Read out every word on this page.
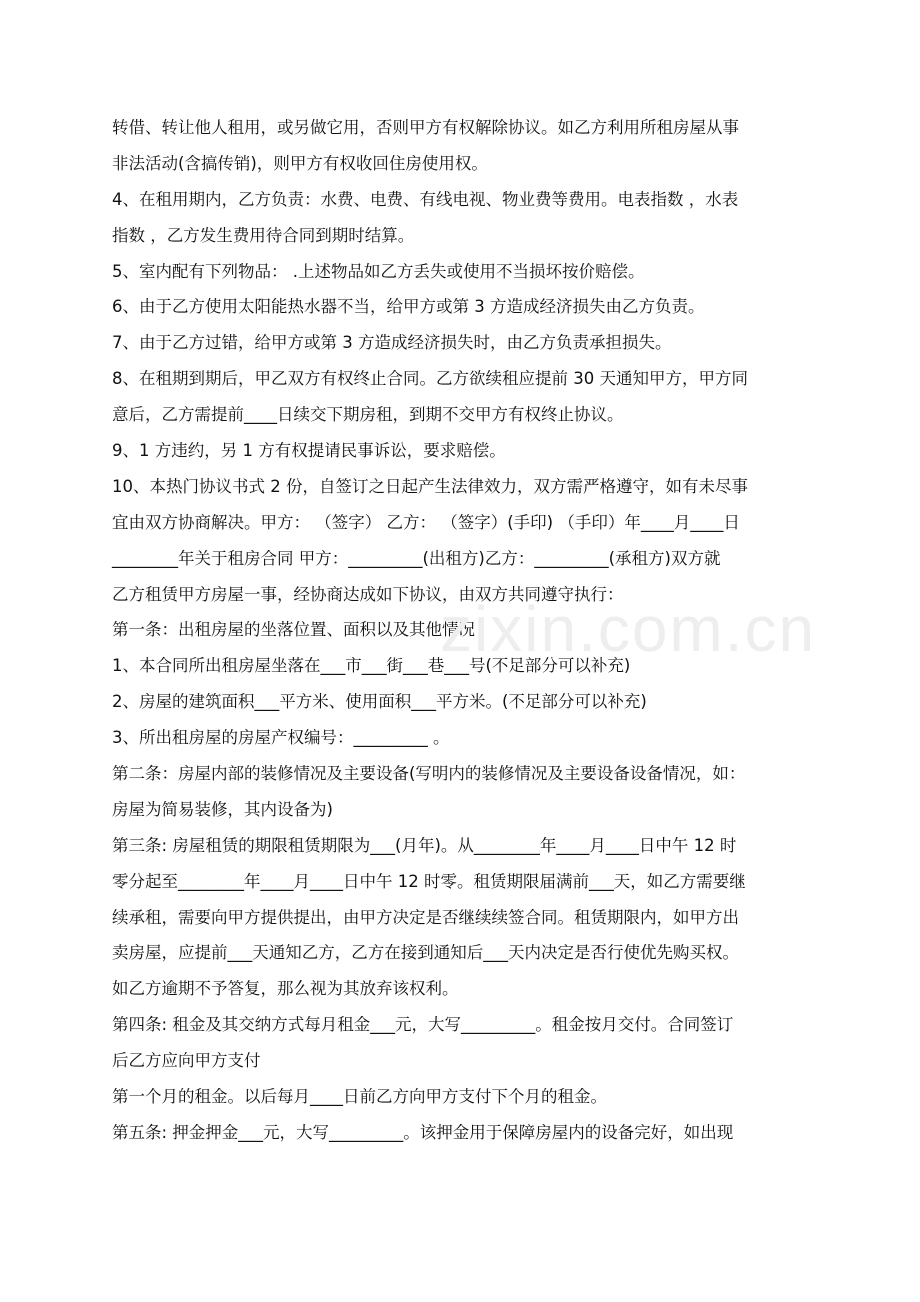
转借、转让他人租用，或另做它用，否则甲方有权解除协议。如乙方利用所租房屋从事
非法活动(含搞传销)，则甲方有权收回住房使用权。
4、在租用期内，乙方负责：水费、电费、有线电视、物业费等费用。电表指数 ，水表
指数 ，乙方发生费用待合同到期时结算。
5、室内配有下列物品： .上述物品如乙方丢失或使用不当损坏按价赔偿。
6、由于乙方使用太阳能热水器不当，给甲方或第 3 方造成经济损失由乙方负责。
7、由于乙方过错，给甲方或第 3 方造成经济损失时，由乙方负责承担损失。
8、在租期到期后，甲乙双方有权终止合同。乙方欲续租应提前 30 天通知甲方，甲方同
意后，乙方需提前____日续交下期房租，到期不交甲方有权终止协议。
9、1 方违约，另 1 方有权提请民事诉讼，要求赔偿。
10、本热门协议书式 2 份，自签订之日起产生法律效力，双方需严格遵守，如有未尽事
宜由双方协商解决。甲方： （签字） 乙方： （签字）(手印) （手印）年____月____日
________年关于租房合同 甲方：_________(出租方)乙方：_________(承租方)双方就
乙方租赁甲方房屋一事，经协商达成如下协议，由双方共同遵守执行：
第一条：出租房屋的坐落位置、面积以及其他情况
1、本合同所出租房屋坐落在___市___街___巷___号(不足部分可以补充)
2、房屋的建筑面积___平方米、使用面积___平方米。(不足部分可以补充)
3、所出租房屋的房屋产权编号：_________ 。
第二条：房屋内部的装修情况及主要设备(写明内的装修情况及主要设备设备情况，如：
房屋为简易装修，其内设备为)
第三条: 房屋租赁的期限租赁期限为___(月年)。从________年____月____日中午 12 时
零分起至________年____月____日中午 12 时零。租赁期限届满前___天，如乙方需要继
续承租，需要向甲方提供提出，由甲方决定是否继续续签合同。租赁期限内，如甲方出
卖房屋，应提前___天通知乙方，乙方在接到通知后___天内决定是否行使优先购买权。
如乙方逾期不予答复，那么视为其放弃该权利。
第四条: 租金及其交纳方式每月租金___元，大写_________。租金按月交付。合同签订
后乙方应向甲方支付
第一个月的租金。以后每月____日前乙方向甲方支付下个月的租金。
第五条: 押金押金___元，大写_________。该押金用于保障房屋内的设备完好，如出现
zixin.com.cn
